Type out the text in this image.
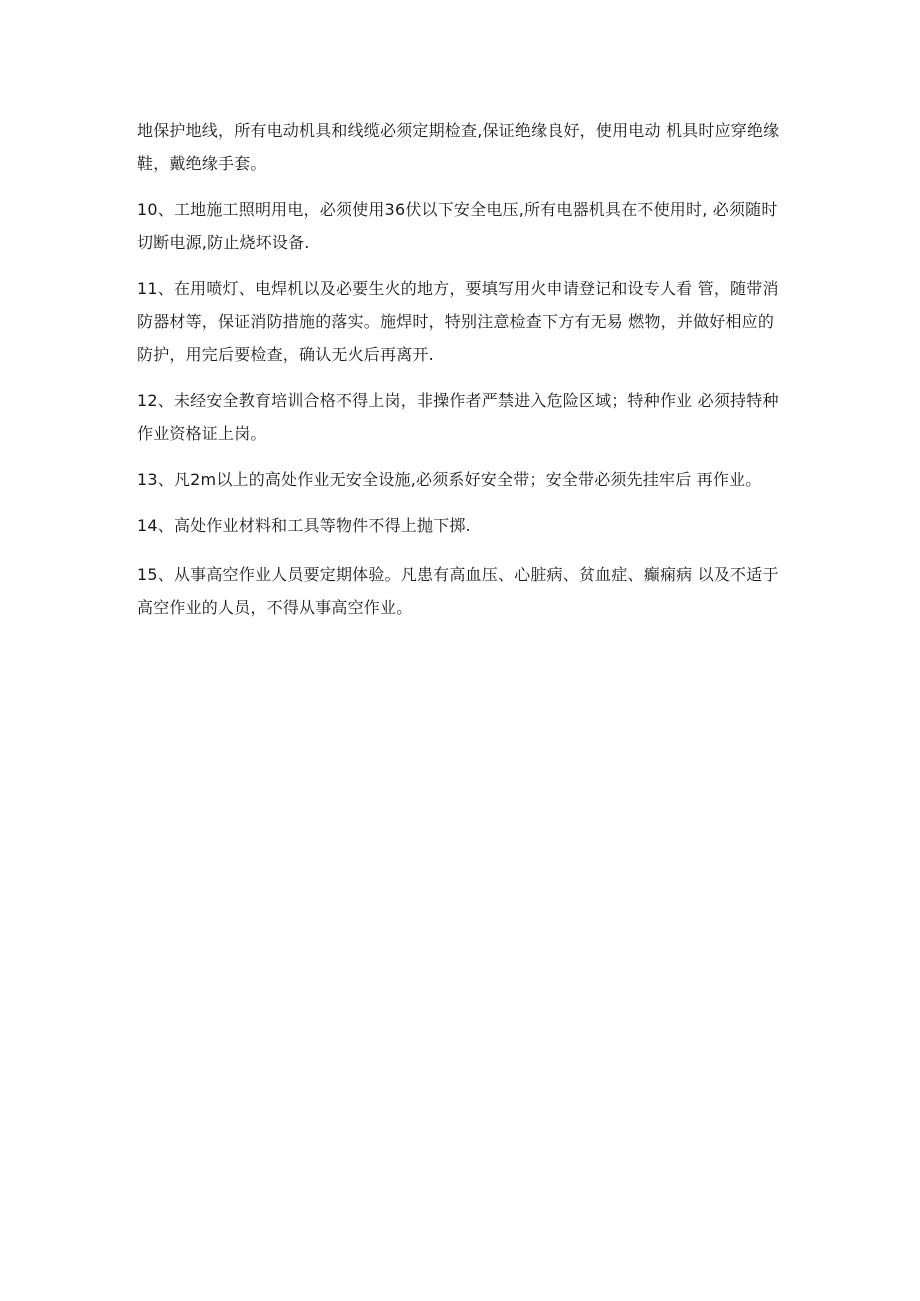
地保护地线，所有电动机具和线缆必须定期检查,保证绝缘良好，使用电动 机具时应穿绝缘鞋，戴绝缘手套。

10、工地施工照明用电，必须使用36伏以下安全电压,所有电器机具在不使用时, 必须随时切断电源,防止烧坏设备.

11、在用喷灯、电焊机以及必要生火的地方，要填写用火申请登记和设专人看 管，随带消防器材等，保证消防措施的落实。施焊时，特别注意检查下方有无易 燃物，并做好相应的防护，用完后要检查，确认无火后再离开.

12、未经安全教育培训合格不得上岗，非操作者严禁进入危险区域；特种作业 必须持特种作业资格证上岗。

13、凡2m以上的高处作业无安全设施,必须系好安全带；安全带必须先挂牢后 再作业。

14、高处作业材料和工具等物件不得上抛下掷.

15、从事高空作业人员要定期体验。凡患有高血压、心脏病、贫血症、癫痫病 以及不适于高空作业的人员，不得从事高空作业。
